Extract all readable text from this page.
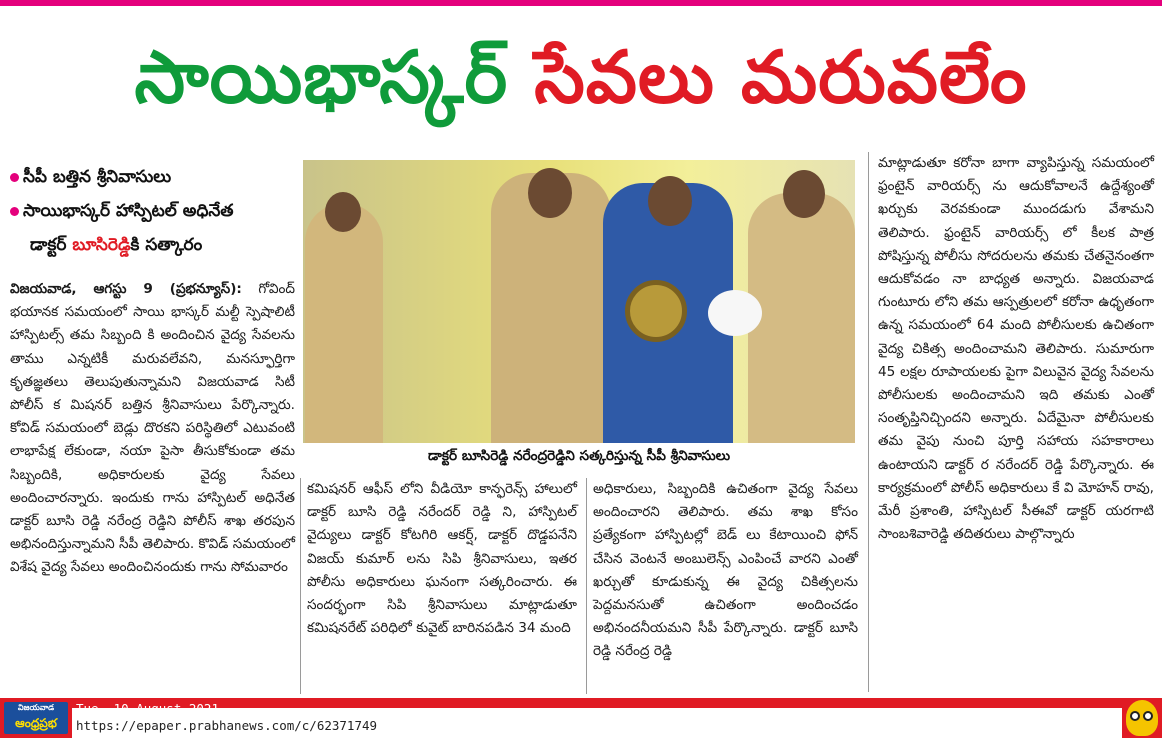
సాయిభాస్కర్ సేవలు మరువలేం
సీపీ బత్తిన శ్రీనివాసులు
సాయిభాస్కర్ హాస్పిటల్ అధినేత
డాక్టర్ బూసిరెడ్డికి సత్కారం

విజయవాడ, ఆగస్టు 9 (ప్రభన్యూస్): గోవింద్ భయానక సమయంలో సాయి భాస్కర్ మల్టీ స్పెషాలిటీ హాస్పిటల్స్ తమ సిబ్బంది కి అందించిన వైద్య సేవలను తాము ఎన్నటికీ మరువలేవని, మనస్ఫూర్తిగా కృతజ్ఞతలు తెలుపుతున్నామని విజయవాడ సిటీ పోలీస్ క మిషనర్ బత్తిన శ్రీనివాసులు పేర్కొన్నారు. కోవిడ్ సమయంలో బెడ్లు దొరకని పరిస్థితిలో ఎటువంటి లాభాపేక్ష లేకుండా, నయా పైసా తీసుకోకుండా తమ సిబ్బందికి, అధికారులకు వైద్య సేవలు అందించారన్నారు. ఇందుకు గాను హాస్పిటల్ అధినేత డాక్టర్ బూసి రెడ్డి నరేంద్ర రెడ్డిని పోలీస్ శాఖ తరపున అభినందిస్తున్నామని సీపీ తెలిపారు. కొవిడ్ సమయంలో విశేష వైద్య సేవలు అందించినందుకు గాను సోమవారం

డాక్టర్ బూసిరెడ్డి నరేంద్రరెడ్డిని సత్కరిస్తున్న సీపీ శ్రీనివాసులు

కమిషనర్ ఆఫీస్ లోని వీడియో కాన్ఫరెన్స్ హాలులో డాక్టర్ బూసి రెడ్డి నరేందర్ రెడ్డి ని, హాస్పిటల్ వైద్యులు డాక్టర్ కోటగిరి ఆకర్ష్, డాక్టర్ దొడ్డపనేని విజయ్ కుమార్ లను సిపి శ్రీనివాసులు, ఇతర పోలీసు అధికారులు ఘనంగా సత్కరించారు. ఈ సందర్భంగా సిపి శ్రీనివాసులు మాట్లాడుతూ కమిషనరేట్ పరిధిలో కువైట్ బారినపడిన 34 మంది

అధికారులు, సిబ్బందికి ఉచితంగా వైద్య సేవలు అందించారని తెలిపారు. తమ శాఖ కోసం ప్రత్యేకంగా హాస్పిటల్లో బెడ్ లు కేటాయించి ఫోన్ చేసిన వెంటనే అంబులెన్స్ ఎంపించే వారని ఎంతో ఖర్చుతో కూడుకున్న ఈ వైద్య చికిత్సలను పెద్దమనసుతో ఉచితంగా అందించడం అభినందనీయమని సీపీ పేర్కొన్నారు. డాక్టర్ బూసి రెడ్డి నరేంద్ర రెడ్డి

మాట్లాడుతూ కరోనా బాగా వ్యాపిస్తున్న సమయంలో ఫ్రంటైన్ వారియర్స్ ను ఆదుకోవాలనే ఉద్దేశ్యంతో ఖర్చుకు వెరవకుండా ముందడుగు వేశామని తెలిపారు. ఫ్రంటైన్ వారియర్స్ లో కీలక పాత్ర పోషిస్తున్న పోలీసు సోదరులను తమకు చేతనైనంతగా ఆదుకోవడం నా బాధ్యత అన్నారు. విజయవాడ గుంటూరు లోని తమ ఆస్పత్రులలో కరోనా ఉధృతంగా ఉన్న సమయంలో 64 మంది పోలీసులకు ఉచితంగా వైద్య చికిత్స అందించామని తెలిపారు. సుమారుగా 45 లక్షల రూపాయలకు పైగా విలువైన వైద్య సేవలను పోలీసులకు అందించామని ఇది తమకు ఎంతో సంతృప్తినిచ్చిందని అన్నారు. ఏదేమైనా పోలీసులకు తమ వైపు నుంచి పూర్తి సహాయ సహకారాలు ఉంటాయని డాక్టర్ ర నరేందర్ రెడ్డి పేర్కొన్నారు. ఈ కార్యక్రమంలో పోలీస్ అధికారులు కే వి మోహన్ రావు, మేరీ ప్రశాంతి, హాస్పిటల్ సీఈవో డాక్టర్ యరగాటి సాంబశివారెడ్డి తదితరులు పాల్గొన్నారు

విజయవాడ
ఆంధ్రప్రభ
Tue, 10 August 2021
https://epaper.prabhanews.com/c/62371749
